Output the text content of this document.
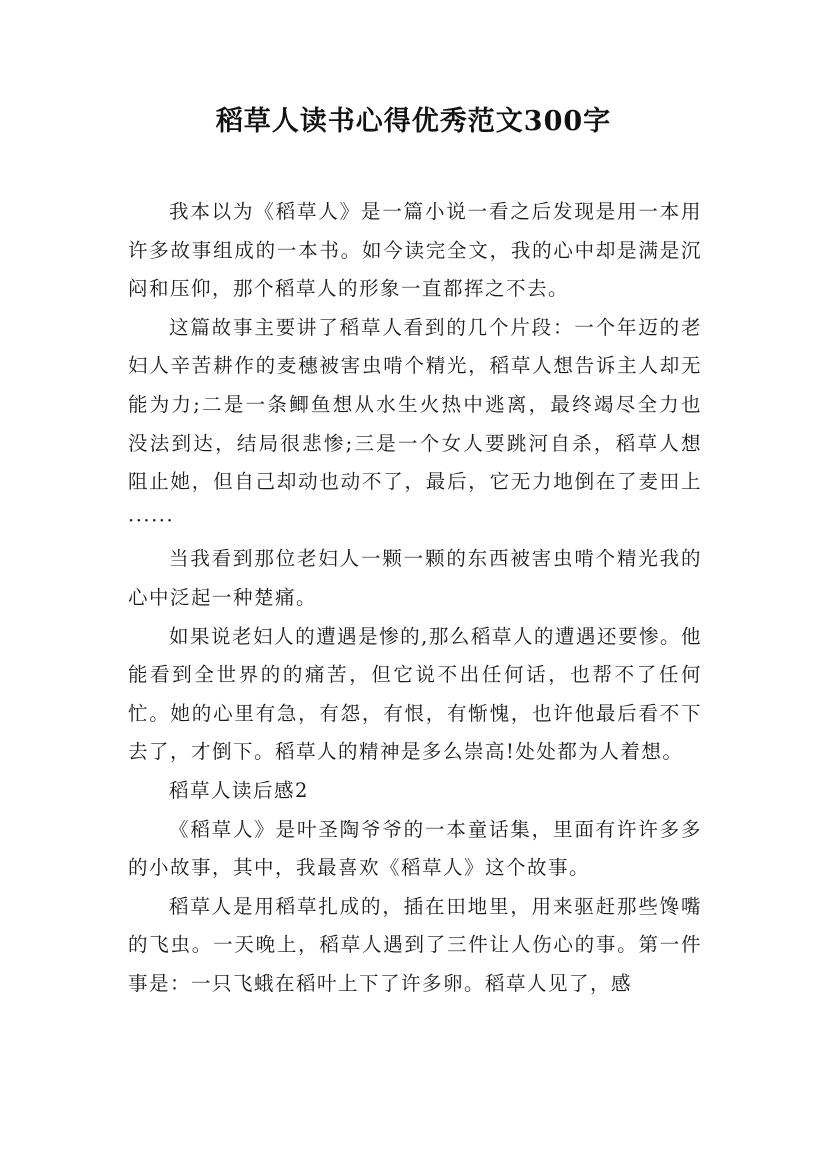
稻草人读书心得优秀范文300字

我本以为《稻草人》是一篇小说一看之后发现是用一本用许多故事组成的一本书。如今读完全文，我的心中却是满是沉闷和压仰，那个稻草人的形象一直都挥之不去。

这篇故事主要讲了稻草人看到的几个片段：一个年迈的老妇人辛苦耕作的麦穗被害虫啃个精光，稻草人想告诉主人却无能为力;二是一条鲫鱼想从水生火热中逃离，最终竭尽全力也没法到达，结局很悲惨;三是一个女人要跳河自杀，稻草人想阻止她，但自己却动也动不了，最后，它无力地倒在了麦田上······

当我看到那位老妇人一颗一颗的东西被害虫啃个精光我的心中泛起一种楚痛。

如果说老妇人的遭遇是惨的,那么稻草人的遭遇还要惨。他能看到全世界的的痛苦，但它说不出任何话，也帮不了任何忙。她的心里有急，有怨，有恨，有惭愧，也许他最后看不下去了，才倒下。稻草人的精神是多么崇高!处处都为人着想。

稻草人读后感2

《稻草人》是叶圣陶爷爷的一本童话集，里面有许许多多的小故事，其中，我最喜欢《稻草人》这个故事。

稻草人是用稻草扎成的，插在田地里，用来驱赶那些馋嘴的飞虫。一天晚上，稻草人遇到了三件让人伤心的事。第一件事是：一只飞蛾在稻叶上下了许多卵。稻草人见了，感
